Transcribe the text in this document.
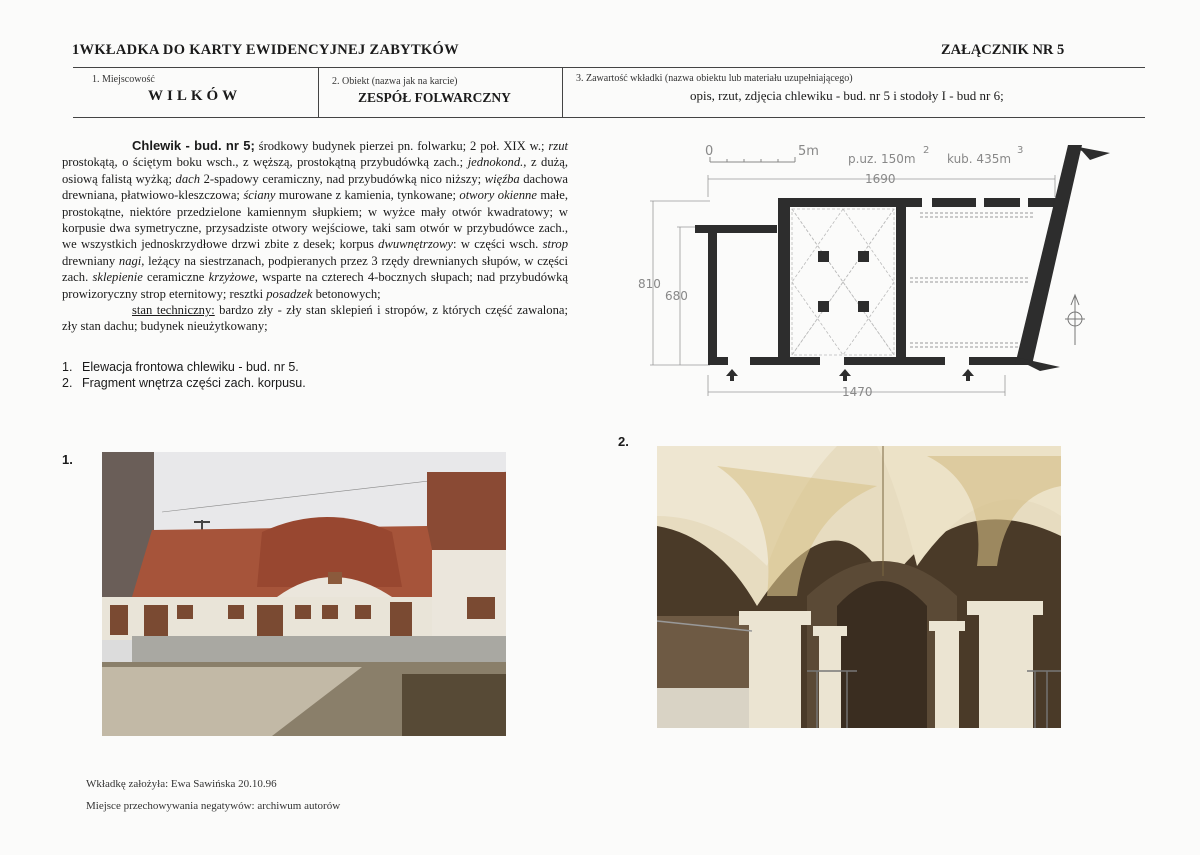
1WKŁADKA DO KARTY EWIDENCYJNEJ ZABYTKÓW	ZAŁĄCZNIK NR 5
1. Miejscowość
WILKÓW
2. Obiekt (nazwa jak na karcie)
ZESPÓŁ FOLWARCZNY
3. Zawartość wkładki (nazwa obiektu lub materiału uzupełniającego)
opis, rzut, zdjęcia chlewiku - bud. nr 5 i stodoły I - bud nr 6;
Chlewik - bud. nr 5; środkowy budynek pierzei pn. folwarku; 2 poł. XIX w.; rzut prostokątą, o ściętym boku wsch., z węższą, prostokątną przybudówką zach.; jednokond., z dużą, osiową falistą wyżką; dach 2-spadowy ceramiczny, nad przybudówką nico niższy; więźba dachowa drewniana, płatwiowo-kleszczowa; ściany murowane z kamienia, tynkowane; otwory okienne małe, prostokątne, niektóre przedzielone kamiennym słupkiem; w wyżce mały otwór kwadratowy; w korpusie dwa symetryczne, przysadziste otwory wejściowe, taki sam otwór w przybudówce zach., we wszystkich jednoskrzydłowe drzwi zbite z desek; korpus dwuwnętrzowy: w części wsch. strop drewniany nagi, leżący na siestrzanach, podpieranych przez 3 rzędy drewnianych słupów, w części zach. sklepienie ceramiczne krzyżowe, wsparte na czterech 4-bocznych słupach; nad przybudówką prowizoryczny strop eternitowy; resztki posadzek betonowych;
stan techniczny: bardzo zły - zły stan sklepień i stropów, z których część zawalona; zły stan dachu; budynek nieużytkowany;
1. Elewacja frontowa chlewiku - bud. nr 5.
2. Fragment wnętrza części zach. korpusu.
0	5m p.uz. 150m
2
kub. 435m
3
1690
1470
810
680
1.
2.
Wkładkę założyła: Ewa Sawińska 20.10.96
Miejsce przechowywania negatywów: archiwum autorów
